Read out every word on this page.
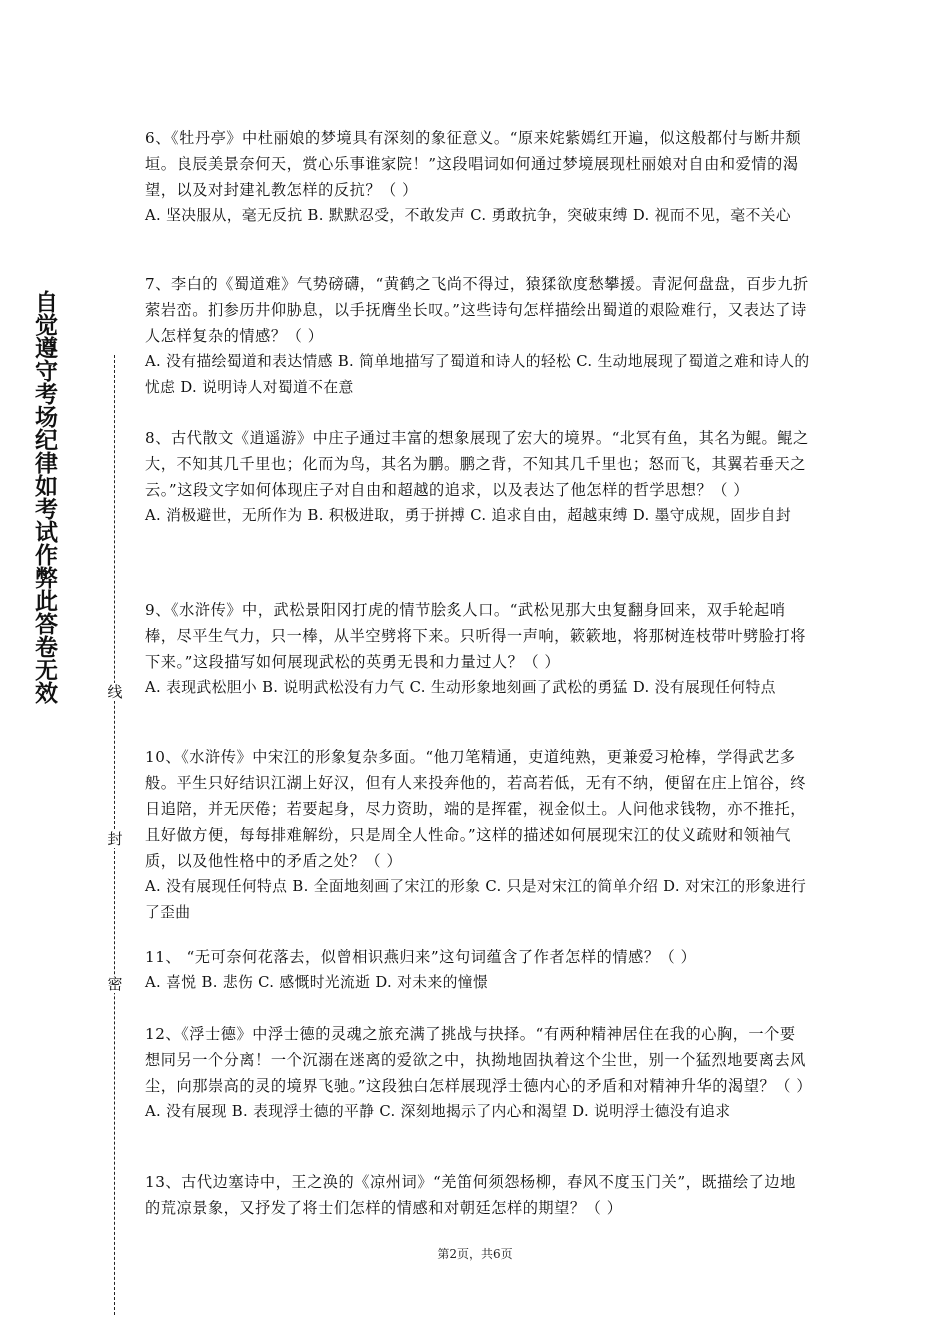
自觉遵守考场纪律如考试作弊此答卷无效	线
封
密

6、《牡丹亭》中杜丽娘的梦境具有深刻的象征意义。“原来姹紫嫣红开遍，似这般都付与断井颓垣。良辰美景奈何天，赏心乐事谁家院！”这段唱词如何通过梦境展现杜丽娘对自由和爱情的渴望，以及对封建礼教怎样的反抗？（ ）

A. 坚决服从，毫无反抗 B. 默默忍受，不敢发声 C. 勇敢抗争，突破束缚 D. 视而不见，毫不关心

7、李白的《蜀道难》气势磅礴，“黄鹤之飞尚不得过，猿猱欲度愁攀援。青泥何盘盘，百步九折萦岩峦。扪参历井仰胁息，以手抚膺坐长叹。”这些诗句怎样描绘出蜀道的艰险难行，又表达了诗人怎样复杂的情感？（ ）

A. 没有描绘蜀道和表达情感 B. 简单地描写了蜀道和诗人的轻松 C. 生动地展现了蜀道之难和诗人的忧虑 D. 说明诗人对蜀道不在意

8、古代散文《逍遥游》中庄子通过丰富的想象展现了宏大的境界。“北冥有鱼，其名为鲲。鲲之大，不知其几千里也；化而为鸟，其名为鹏。鹏之背，不知其几千里也；怒而飞，其翼若垂天之云。”这段文字如何体现庄子对自由和超越的追求，以及表达了他怎样的哲学思想？（ ）

A. 消极避世，无所作为 B. 积极进取，勇于拼搏 C. 追求自由，超越束缚 D. 墨守成规，固步自封

9、《水浒传》中，武松景阳冈打虎的情节脍炙人口。“武松见那大虫复翻身回来，双手轮起哨棒，尽平生气力，只一棒，从半空劈将下来。只听得一声响，簌簌地，将那树连枝带叶劈脸打将下来。”这段描写如何展现武松的英勇无畏和力量过人？（ ）

A. 表现武松胆小 B. 说明武松没有力气 C. 生动形象地刻画了武松的勇猛 D. 没有展现任何特点

10、《水浒传》中宋江的形象复杂多面。“他刀笔精通，吏道纯熟，更兼爱习枪棒，学得武艺多般。平生只好结识江湖上好汉，但有人来投奔他的，若高若低，无有不纳，便留在庄上馆谷，终日追陪，并无厌倦；若要起身，尽力资助，端的是挥霍，视金似土。人问他求钱物，亦不推托，且好做方便，每每排难解纷，只是周全人性命。”这样的描述如何展现宋江的仗义疏财和领袖气质，以及他性格中的矛盾之处？（ ）

A. 没有展现任何特点 B. 全面地刻画了宋江的形象 C. 只是对宋江的简单介绍 D. 对宋江的形象进行了歪曲

11、 “无可奈何花落去，似曾相识燕归来”这句词蕴含了作者怎样的情感？（ ）

A. 喜悦 B. 悲伤 C. 感慨时光流逝 D. 对未来的憧憬

12、《浮士德》中浮士德的灵魂之旅充满了挑战与抉择。“有两种精神居住在我的心胸，一个要想同另一个分离！一个沉溺在迷离的爱欲之中，执拗地固执着这个尘世，别一个猛烈地要离去风尘，向那崇高的灵的境界飞驰。”这段独白怎样展现浮士德内心的矛盾和对精神升华的渴望？（ ）

A. 没有展现 B. 表现浮士德的平静 C. 深刻地揭示了内心和渴望 D. 说明浮士德没有追求

13、古代边塞诗中，王之涣的《凉州词》“羌笛何须怨杨柳，春风不度玉门关”，既描绘了边地的荒凉景象，又抒发了将士们怎样的情感和对朝廷怎样的期望？（ ）

第2页，共6页
